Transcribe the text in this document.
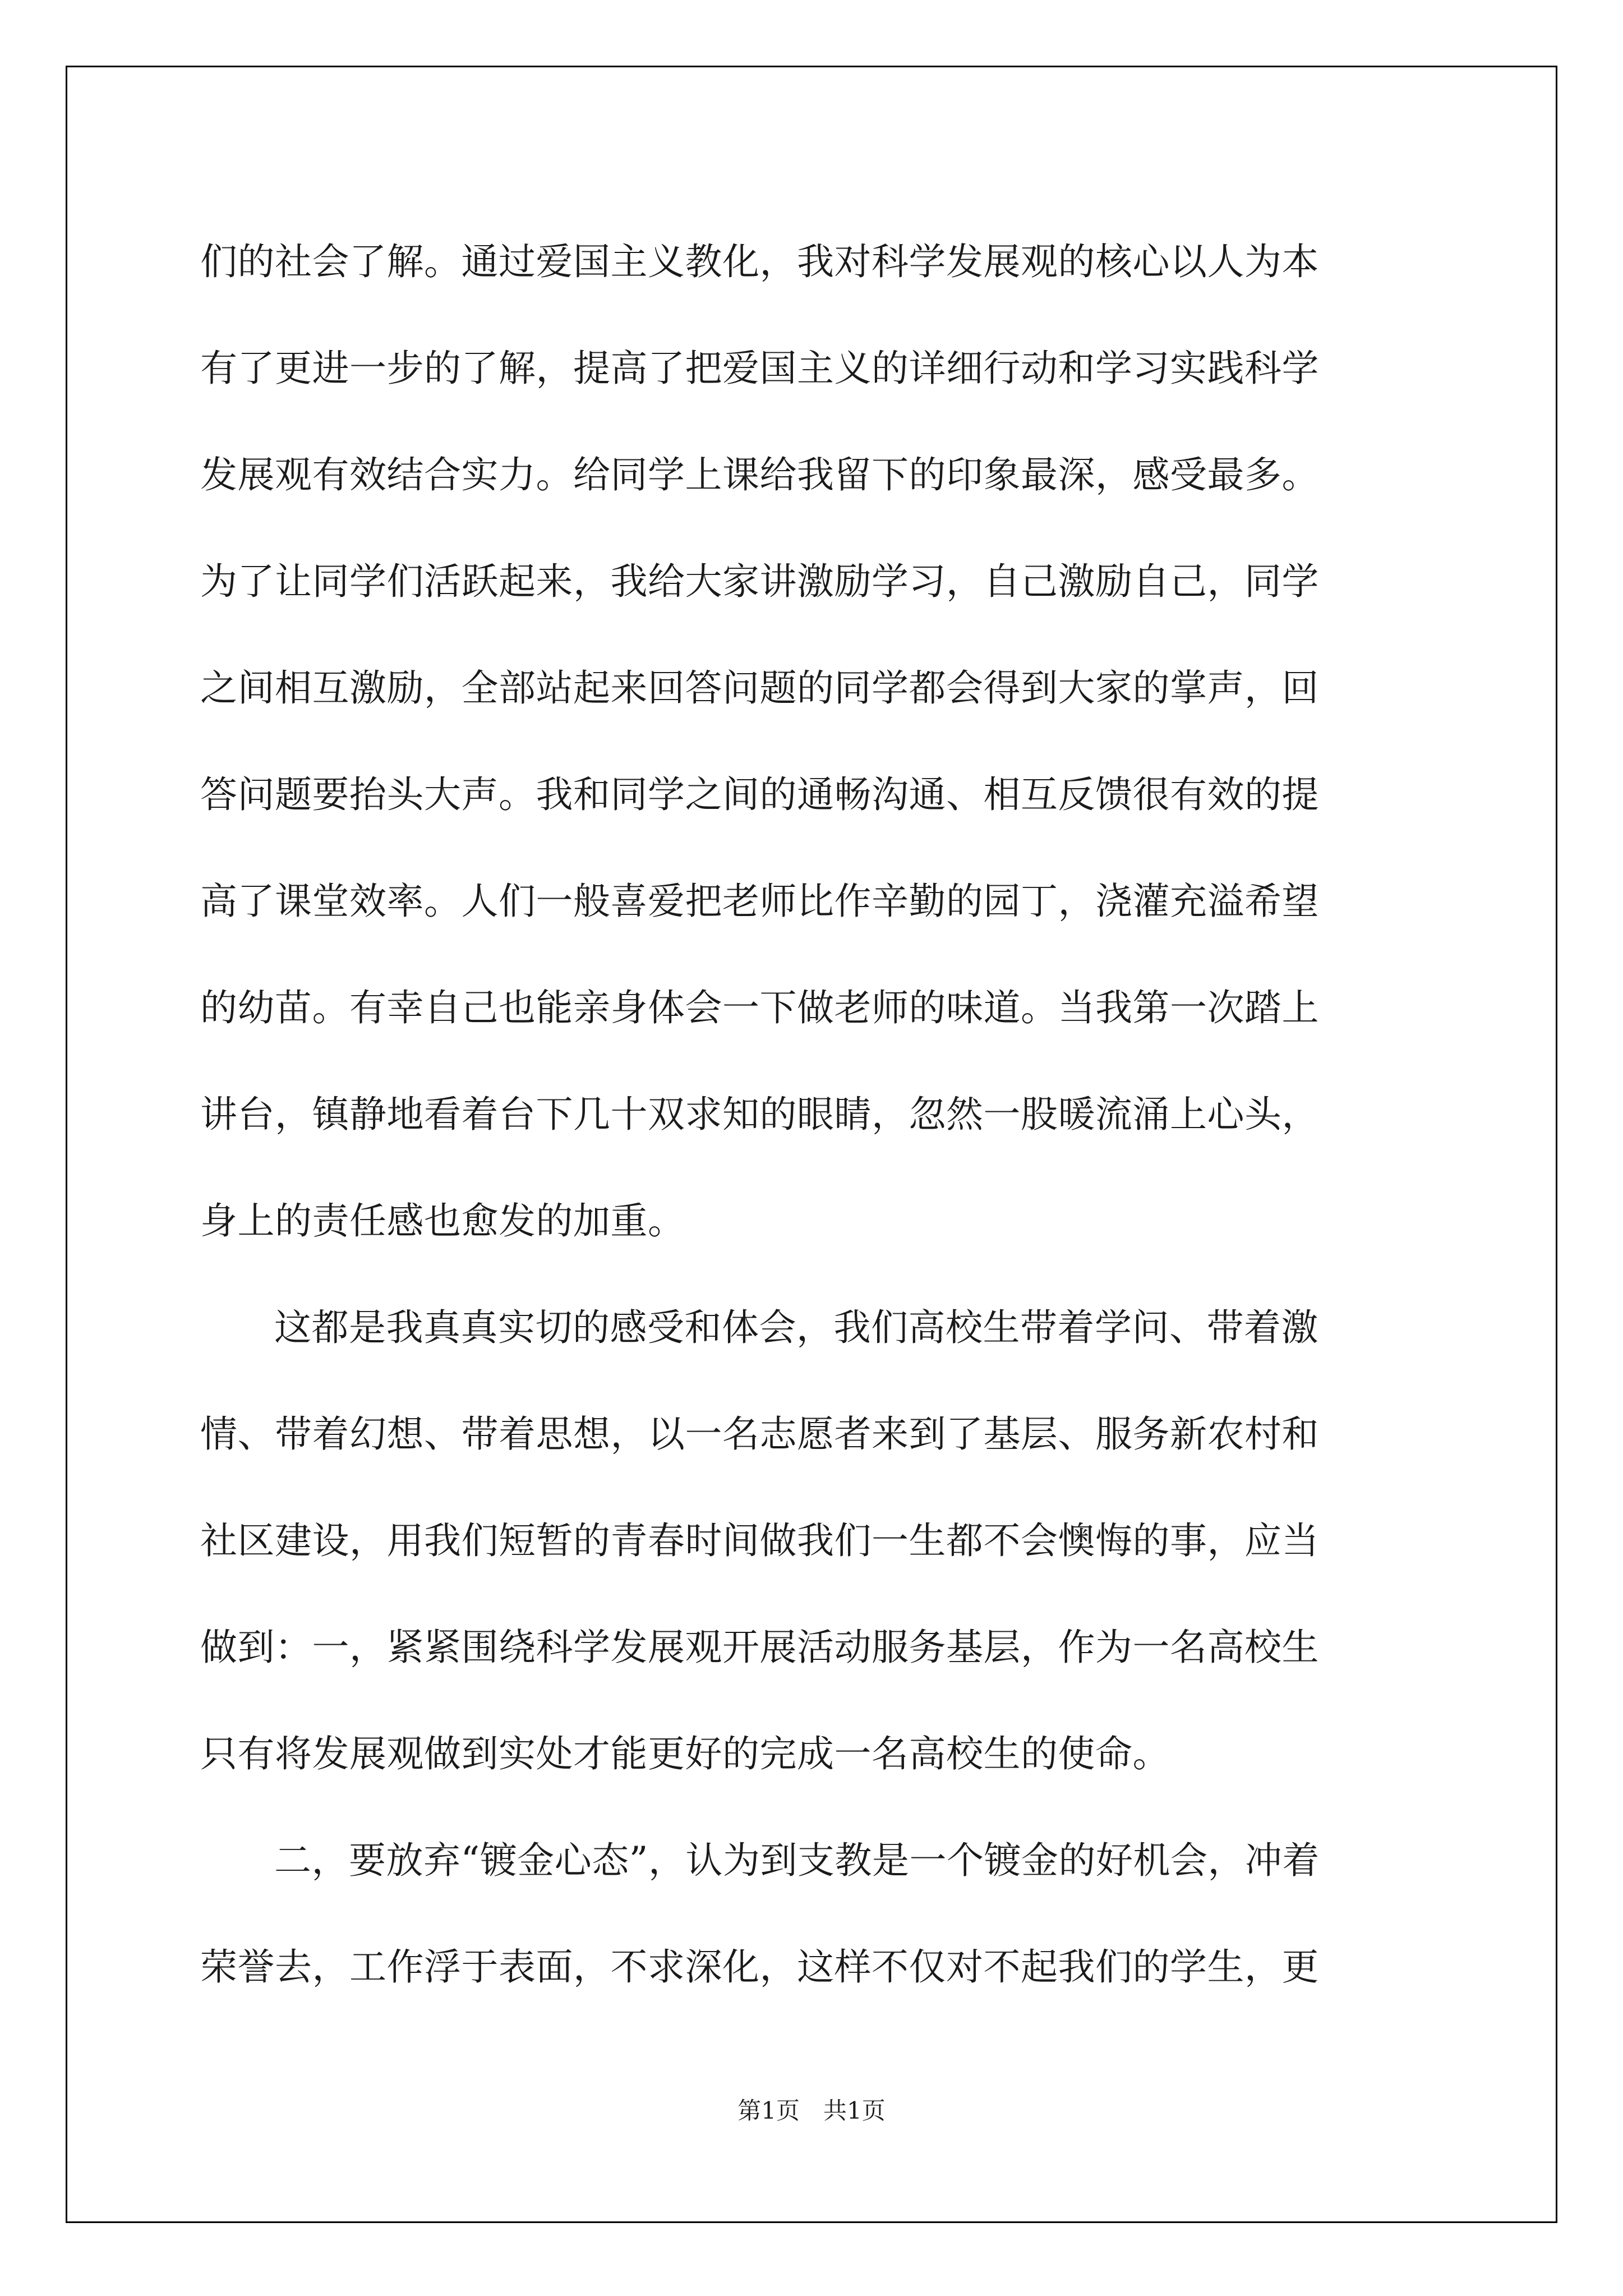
们的社会了解。通过爱国主义教化，我对科学发展观的核心以人为本
有了更进一步的了解，提高了把爱国主义的详细行动和学习实践科学
发展观有效结合实力。给同学上课给我留下的印象最深，感受最多。
为了让同学们活跃起来，我给大家讲激励学习，自己激励自己，同学
之间相互激励，全部站起来回答问题的同学都会得到大家的掌声，回
答问题要抬头大声。我和同学之间的通畅沟通、相互反馈很有效的提
高了课堂效率。人们一般喜爱把老师比作辛勤的园丁，浇灌充溢希望
的幼苗。有幸自己也能亲身体会一下做老师的味道。当我第一次踏上
讲台，镇静地看着台下几十双求知的眼睛，忽然一股暖流涌上心头，
身上的责任感也愈发的加重。
这都是我真真实切的感受和体会，我们高校生带着学问、带着激
情、带着幻想、带着思想，以一名志愿者来到了基层、服务新农村和
社区建设，用我们短暂的青春时间做我们一生都不会懊悔的事，应当
做到：一，紧紧围绕科学发展观开展活动服务基层，作为一名高校生
只有将发展观做到实处才能更好的完成一名高校生的使命。
二，要放弃“镀金心态”，认为到支教是一个镀金的好机会，冲着
荣誉去，工作浮于表面，不求深化，这样不仅对不起我们的学生，更
第1页　共1页
